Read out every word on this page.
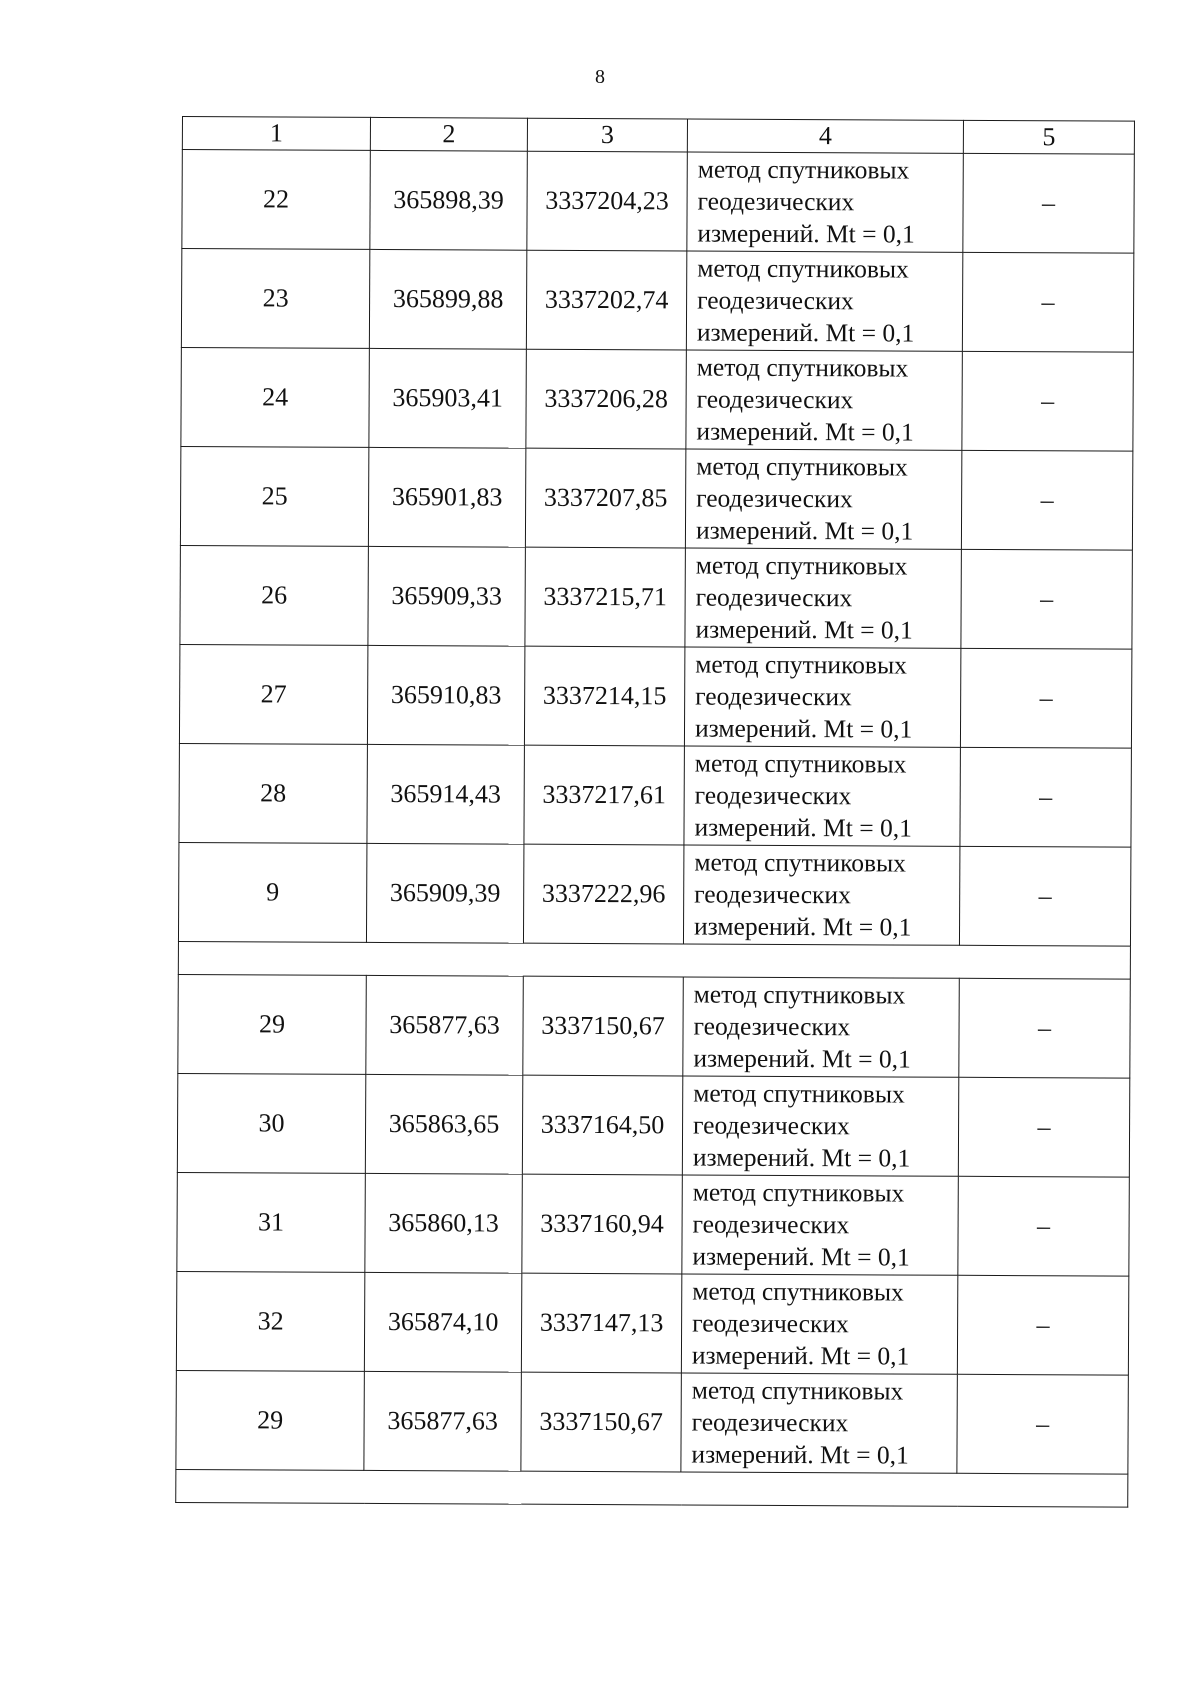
8
1	2	3	4	5
22	365898,39	3337204,23	метод спутниковых
геодезических
измерений. Mt = 0,1	–
23	365899,88	3337202,74	метод спутниковых
геодезических
измерений. Mt = 0,1	–
24	365903,41	3337206,28	метод спутниковых
геодезических
измерений. Mt = 0,1	–
25	365901,83	3337207,85	метод спутниковых
геодезических
измерений. Mt = 0,1	–
26	365909,33	3337215,71	метод спутниковых
геодезических
измерений. Mt = 0,1	–
27	365910,83	3337214,15	метод спутниковых
геодезических
измерений. Mt = 0,1	–
28	365914,43	3337217,61	метод спутниковых
геодезических
измерений. Mt = 0,1	–
9	365909,39	3337222,96	метод спутниковых
геодезических
измерений. Mt = 0,1	–

29	365877,63	3337150,67	метод спутниковых
геодезических
измерений. Mt = 0,1	–
30	365863,65	3337164,50	метод спутниковых
геодезических
измерений. Mt = 0,1	–
31	365860,13	3337160,94	метод спутниковых
геодезических
измерений. Mt = 0,1	–
32	365874,10	3337147,13	метод спутниковых
геодезических
измерений. Mt = 0,1	–
29	365877,63	3337150,67	метод спутниковых
геодезических
измерений. Mt = 0,1	–
